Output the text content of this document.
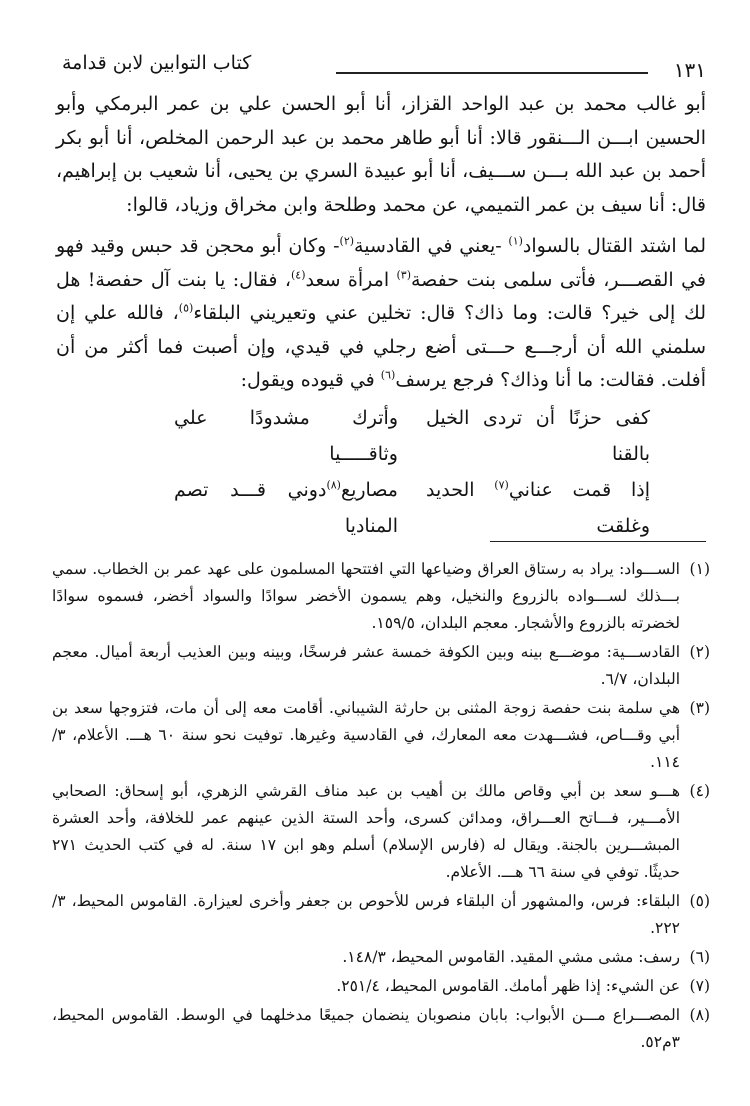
١٣١
كتاب التوابين لابن قدامة

أبو غالب محمد بن عبد الواحد القزاز، أنا أبو الحسن علي بن عمر البرمكي وأبو الحسين ابـــن الـــنقور قالا: أنا أبو طاهر محمد بن عبد الرحمن المخلص، أنا أبو بكر أحمد بن عبد الله بـــن ســـيف، أنا أبو عبيدة السري بن يحيى، أنا شعيب بن إبراهيم، قال: أنا سيف بن عمر التميمي، عن محمد وطلحة وابن مخراق وزياد، قالوا:

لما اشتد القتال بالسواد$^{(١)}$ -يعني في القادسية$^{(٢)}$- وكان أبو محجن قد حبس وقيد فهو في القصـــر، فأتى سلمى بنت حفصة$^{(٣)}$ امرأة سعد$^{(٤)}$، فقال: يا بنت آل حفصة! هل لك إلى خير؟ قالت: وما ذاك؟ قال: تخلين عني وتعيريني البلقاء$^{(٥)}$، فالله علي إن سلمني الله أن أرجـــع حـــتى أضع رجلي في قيدي، وإن أصبت فما أكثر من أن أفلت. فقالت: ما أنا وذاك؟ فرجع يرسف$^{(٦)}$ في قيوده ويقول:

كفى حزنًا أن تردى الخيل بالقنا
وأترك مشدودًا علي وثاقـــــيا
إذا قمت عناني$^{(٧)}$ الحديد وغلقت
مصاريع$^{(٨)}$دوني قـــد تصم المناديا

(١)الســـواد: يراد به رستاق العراق وضياعها التي افتتحها المسلمون على عهد عمر بن الخطاب. سمي بـــذلك لســـواده بالزروع والنخيل، وهم يسمون الأخضر سوادًا والسواد أخضر، فسموه سوادًا لخضرته بالزروع والأشجار. معجم البلدان، ١٥٩/٥.

(٢)القادســـية: موضـــع بينه وبين الكوفة خمسة عشر فرسخًا، وبينه وبين العذيب أربعة أميال. معجم البلدان، ٦/٧.

(٣)هي سلمة بنت حفصة زوجة المثنى بن حارثة الشيباني. أقامت معه إلى أن مات، فتزوجها سعد بن أبي وقـــاص، فشـــهدت معه المعارك، في القادسية وغيرها. توفيت نحو سنة ٦٠ هـــ. الأعلام، ٣/ ١١٤.

(٤)هـــو سعد بن أبي وقاص مالك بن أهيب بن عبد مناف القرشي الزهري، أبو إسحاق: الصحابي الأمـــير، فـــاتح العـــراق، ومدائن كسرى، وأحد الستة الذين عينهم عمر للخلافة، وأحد العشرة المبشـــرين بالجنة. ويقال له (فارس الإسلام) أسلم وهو ابن ١٧ سنة. له في كتب الحديث ٢٧١ حديثًا. توفي في سنة ٦٦ هـــ. الأعلام.

(٥)البلقاء: فرس، والمشهور أن البلقاء فرس للأحوص بن جعفر وأخرى لعيزارة. القاموس المحيط، ٣/ ٢٢٢.

(٦)رسف: مشى مشي المقيد. القاموس المحيط، ١٤٨/٣.

(٧)عن الشيء: إذا ظهر أمامك. القاموس المحيط، ٢٥١/٤.

(٨)المصـــراع مـــن الأبواب: بابان منصوبان ينضمان جميعًا مدخلهما في الوسط. القاموس المحيط، ٣م٥٢.
